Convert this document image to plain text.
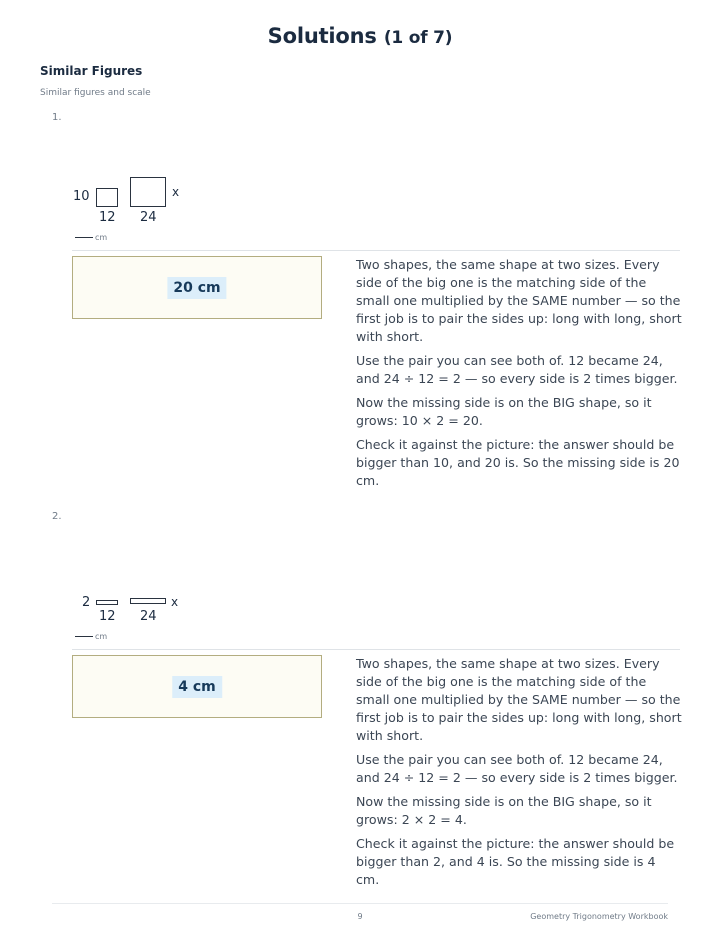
Solutions (1 of 7)
Similar Figures
Similar figures and scale
1.
10
12
x
24
cm
20 cm

Two shapes, the same shape at two sizes. Every side of the big one is the matching side of the small one multiplied by the SAME number — so the first job is to pair the sides up: long with long, short with short.

Use the pair you can see both of. 12 became 24, and 24 ÷ 12 = 2 — so every side is 2 times bigger.

Now the missing side is on the BIG shape, so it grows: 10 × 2 = 20.

Check it against the picture: the answer should be bigger than 10, and 20 is. So the missing side is 20 cm.

2.
2
12
x
24
cm
4 cm

Two shapes, the same shape at two sizes. Every side of the big one is the matching side of the small one multiplied by the SAME number — so the first job is to pair the sides up: long with long, short with short.

Use the pair you can see both of. 12 became 24, and 24 ÷ 12 = 2 — so every side is 2 times bigger.

Now the missing side is on the BIG shape, so it grows: 2 × 2 = 4.

Check it against the picture: the answer should be bigger than 2, and 4 is. So the missing side is 4 cm.

9	Geometry Trigonometry Workbook
